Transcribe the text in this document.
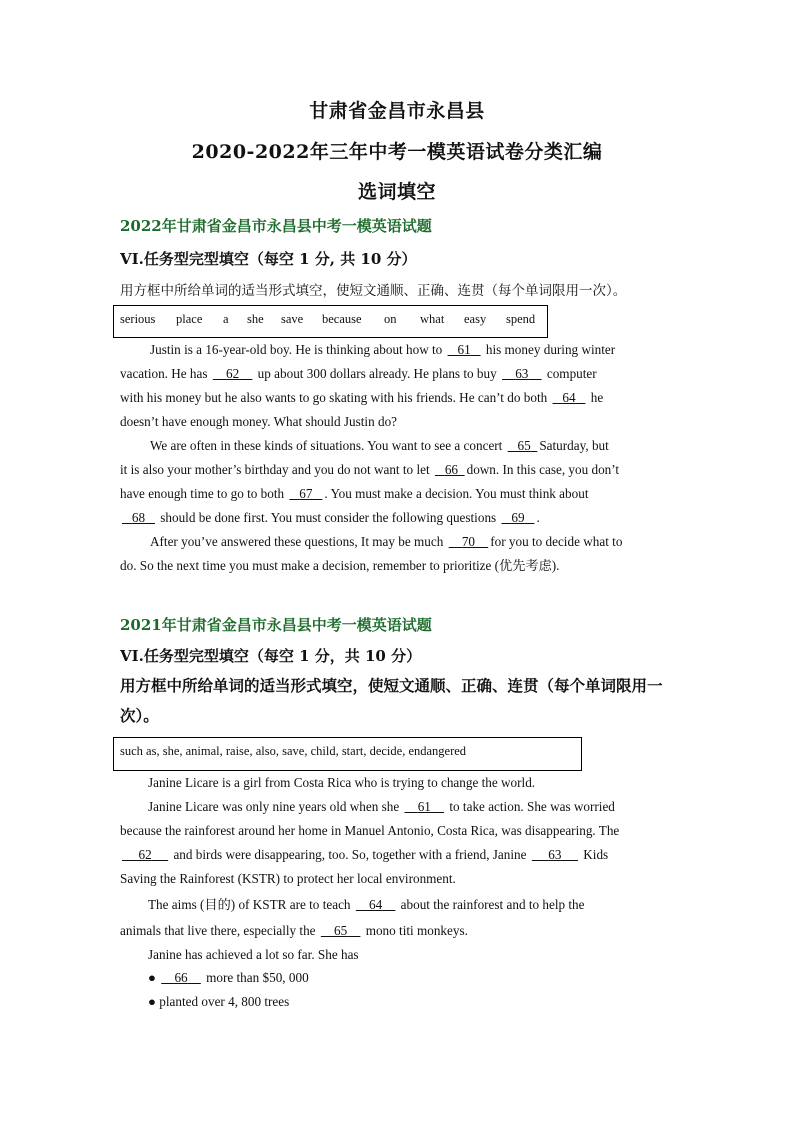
甘肃省金昌市永昌县
2020-2022年三年中考一模英语试卷分类汇编
选词填空
2022年甘肃省金昌市永昌县中考一模英语试题
VI.任务型完型填空（每空 1 分, 共 10 分）
用方框中所给单词的适当形式填空，使短文通顺、正确、连贯（每个单词限用一次）。
serious place a she save because on what easy spend
Justin is a 16-year-old boy. He is thinking about how to 61 his money during winter
vacation. He has 62 up about 300 dollars already. He plans to buy 63 computer
with his money but he also wants to go skating with his friends. He can’t do both 64 he
doesn’t have enough money. What should Justin do?
We are often in these kinds of situations. You want to see a concert 65 Saturday, but
it is also your mother’s birthday and you do not want to let 66 down. In this case, you don’t
have enough time to go to both 67 . You must make a decision. You must think about
68 should be done first. You must consider the following questions 69 .
After you’ve answered these questions, It may be much 70 for you to decide what to
do. So the next time you must make a decision, remember to prioritize (优先考虑).
2021年甘肃省金昌市永昌县中考一模英语试题
VI.任务型完型填空（每空 1 分，共 10 分）
用方框中所给单词的适当形式填空，使短文通顺、正确、连贯（每个单词限用一次）。
such as, she, animal, raise, also, save, child, start, decide, endangered
Janine Licare is a girl from Costa Rica who is trying to change the world.
Janine Licare was only nine years old when she 61 to take action. She was worried
because the rainforest around her home in Manuel Antonio, Costa Rica, was disappearing. The
62 and birds were disappearing, too. So, together with a friend, Janine 63 Kids
Saving the Rainforest (KSTR) to protect her local environment.
The aims (目的) of KSTR are to teach 64 about the rainforest and to help the
animals that live there, especially the 65 mono titi monkeys.
Janine has achieved a lot so far. She has
● 66 more than $50, 000
● planted over 4, 800 trees
